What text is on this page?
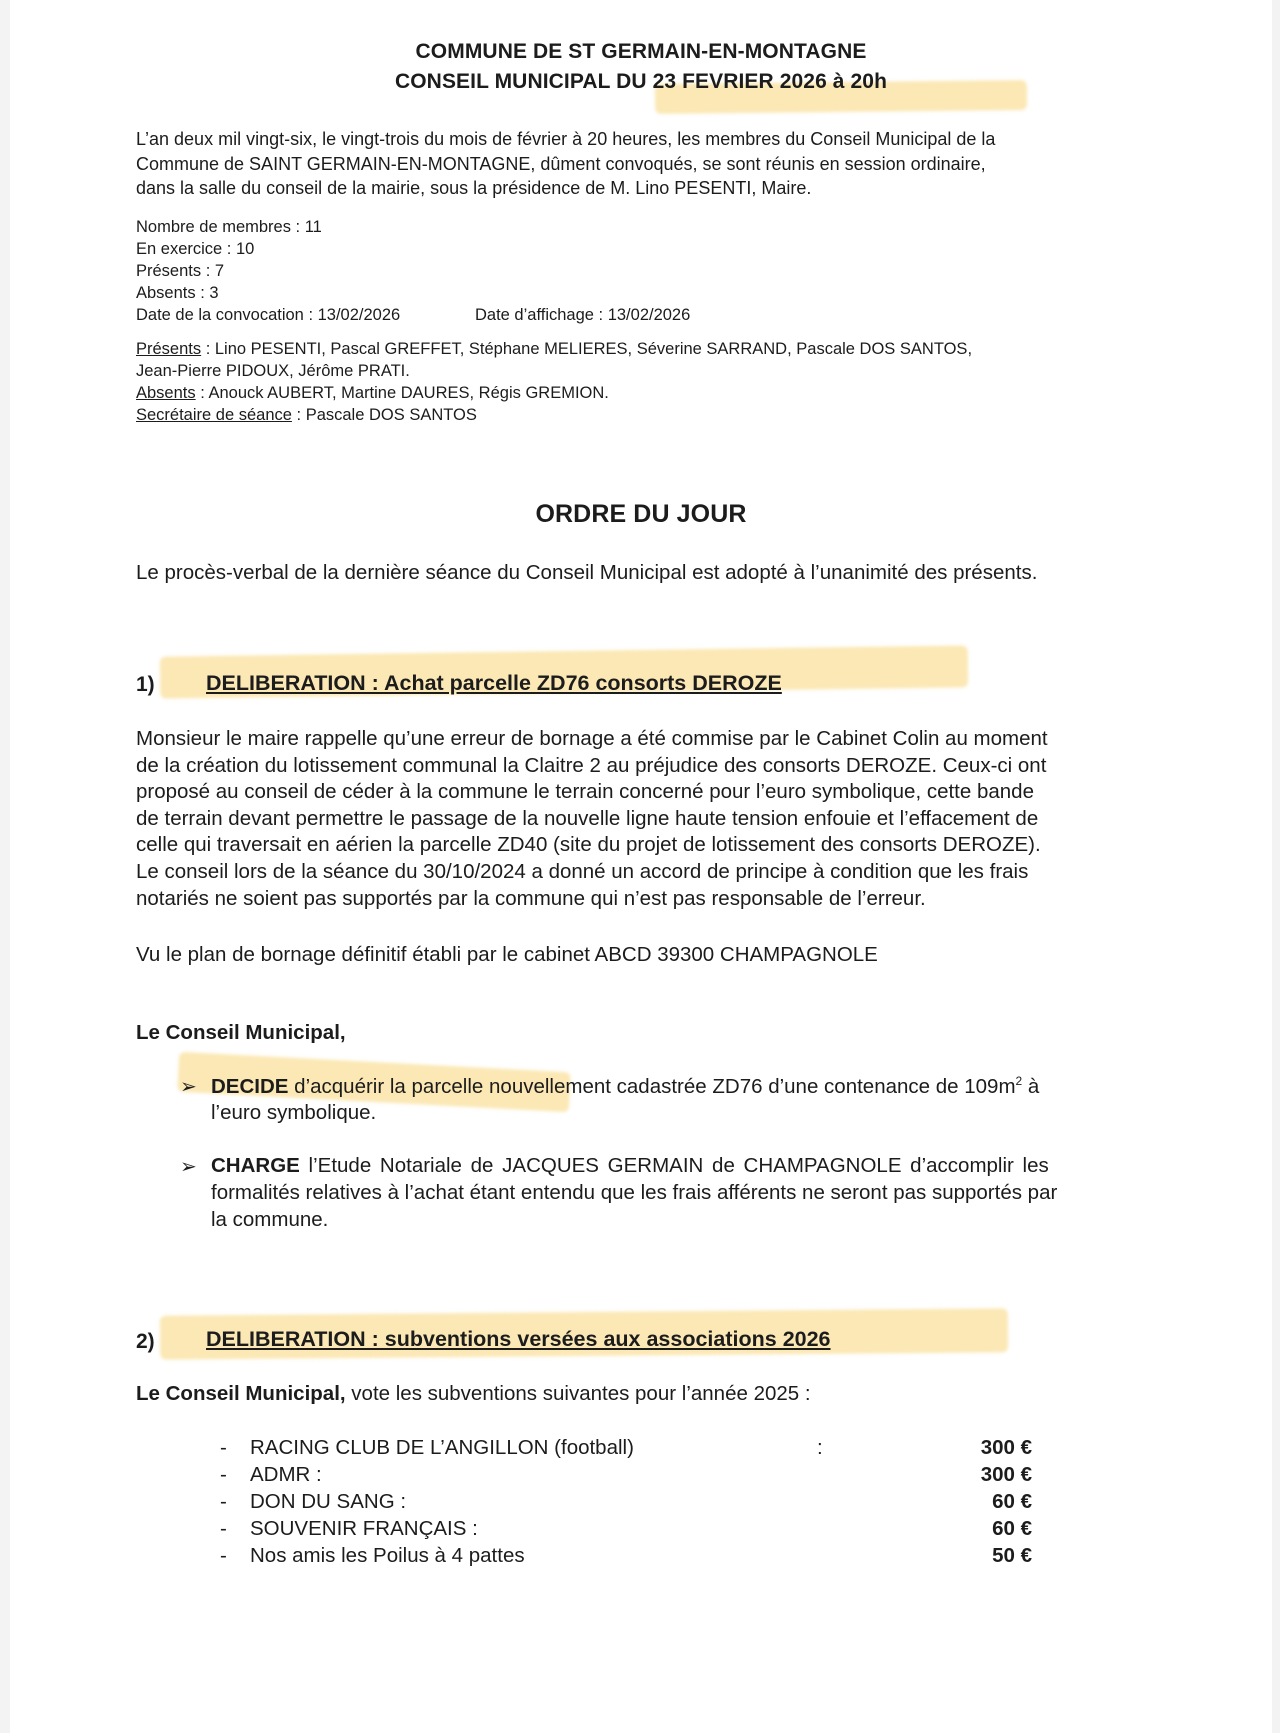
COMMUNE DE ST GERMAIN-EN-MONTAGNE
CONSEIL MUNICIPAL DU 23 FEVRIER 2026 à 20h
L’an deux mil vingt-six, le vingt-trois du mois de février à 20 heures, les membres du Conseil Municipal de la
Commune de SAINT GERMAIN-EN-MONTAGNE, dûment convoqués, se sont réunis en session ordinaire,
dans la salle du conseil de la mairie, sous la présidence de M. Lino PESENTI, Maire.
Nombre de membres : 11
En exercice : 10
Présents : 7
Absents : 3
Date de la convocation : 13/02/2026	Date d’affichage : 13/02/2026
Présents : Lino PESENTI, Pascal GREFFET, Stéphane MELIERES, Séverine SARRAND, Pascale DOS SANTOS,
Jean-Pierre PIDOUX, Jérôme PRATI.
Absents : Anouck AUBERT, Martine DAURES, Régis GREMION.
Secrétaire de séance : Pascale DOS SANTOS
ORDRE DU JOUR
Le procès-verbal de la dernière séance du Conseil Municipal est adopté à l’unanimité des présents.
1) DELIBERATION : Achat parcelle ZD76 consorts DEROZE
Monsieur le maire rappelle qu’une erreur de bornage a été commise par le Cabinet Colin au moment
de la création du lotissement communal la Claitre 2 au préjudice des consorts DEROZE. Ceux-ci ont
proposé au conseil de céder à la commune le terrain concerné pour l’euro symbolique, cette bande
de terrain devant permettre le passage de la nouvelle ligne haute tension enfouie et l’effacement de
celle qui traversait en aérien la parcelle ZD40 (site du projet de lotissement des consorts DEROZE).
Le conseil lors de la séance du 30/10/2024 a donné un accord de principe à condition que les frais
notariés ne soient pas supportés par la commune qui n’est pas responsable de l’erreur.
Vu le plan de bornage définitif établi par le cabinet ABCD 39300 CHAMPAGNOLE
Le Conseil Municipal,
➢ DECIDE d’acquérir la parcelle nouvellement cadastrée ZD76 d’une contenance de $109m^2$ à
l’euro symbolique.
➢ CHARGE l’Etude Notariale de JACQUES GERMAIN de CHAMPAGNOLE d’accomplir les
formalités relatives à l’achat étant entendu que les frais afférents ne seront pas supportés par
la commune.
2) DELIBERATION : subventions versées aux associations 2026
Le Conseil Municipal, vote les subventions suivantes pour l’année 2025 :
- RACING CLUB DE L’ANGILLON (football)	:	300 €
- ADMR :	300 €
- DON DU SANG :	60 €
- SOUVENIR FRANÇAIS :	60 €
- Nos amis les Poilus à 4 pattes	50 €
